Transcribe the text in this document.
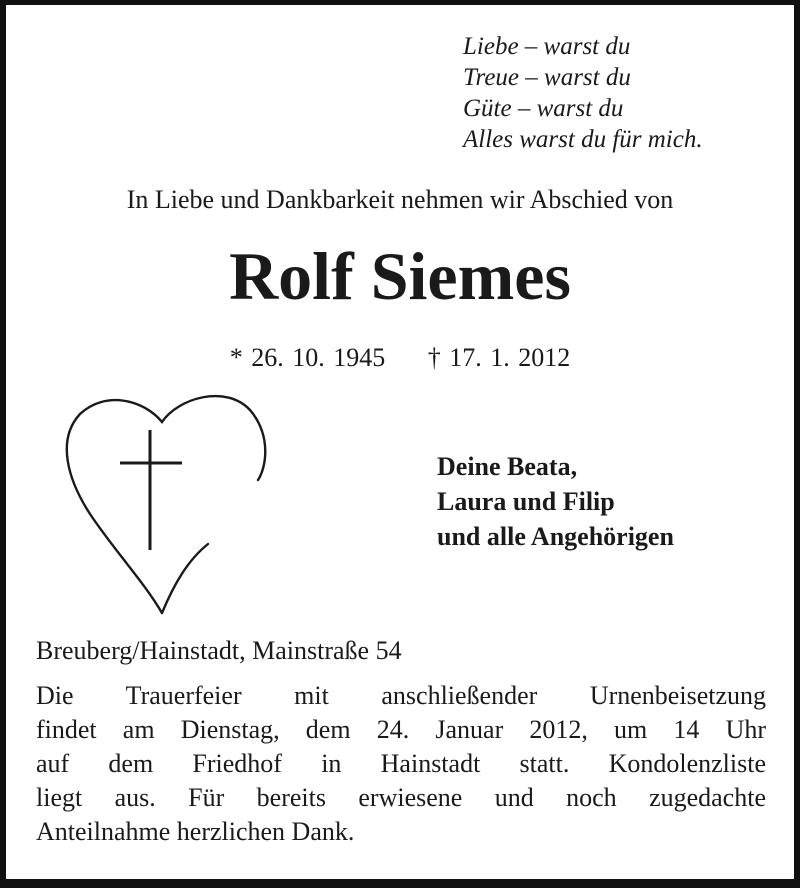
Liebe – warst du
Treue – warst du
Güte – warst du
Alles warst du für mich.
In Liebe und Dankbarkeit nehmen wir Abschied von
Rolf Siemes
* 26. 10. 1945 † 17. 1. 2012
Deine Beata,
Laura und Filip
und alle Angehörigen
Breuberg/Hainstadt, Mainstraße 54
Die Trauerfeier mit anschließender Urnenbeisetzung
findet am Dienstag, dem 24. Januar 2012, um 14 Uhr
auf dem Friedhof in Hainstadt statt. Kondolenzliste
liegt aus. Für bereits erwiesene und noch zugedachte
Anteilnahme herzlichen Dank.
